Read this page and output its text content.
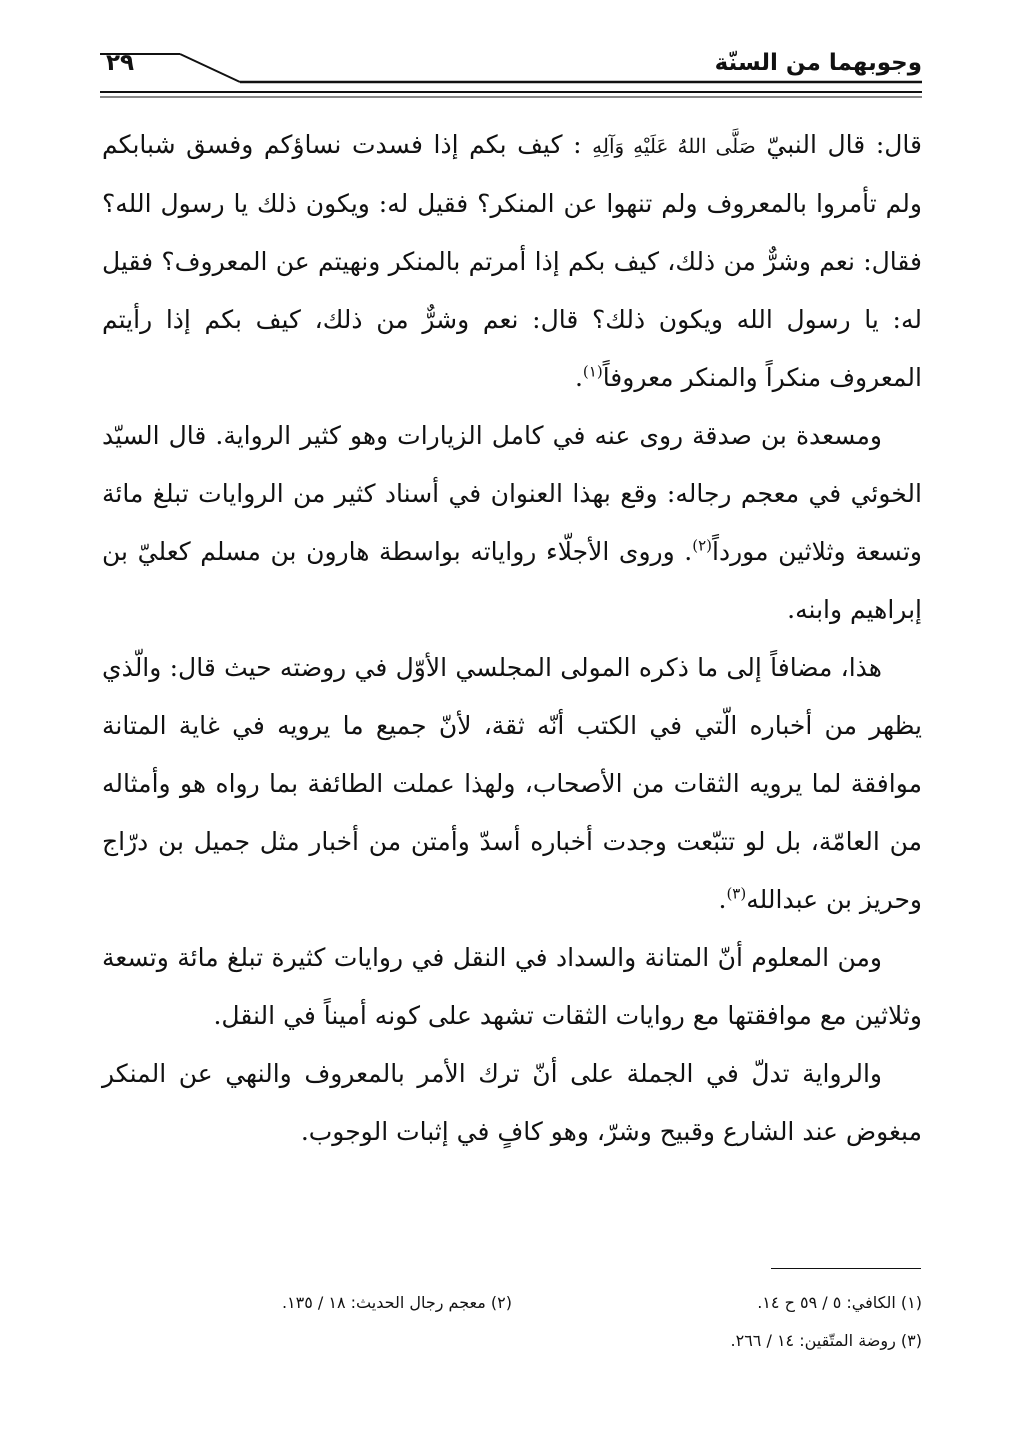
وجوبهما من السنّة
٢٩

قال: قال النبيّ صَلَّى اللهُ عَلَيْهِ وَآلِهِ : كيف بكم إذا فسدت نساؤكم وفسق شبابكم ولم تأمروا بالمعروف ولم تنهوا عن المنكر؟ فقيل له: ويكون ذلك يا رسول الله؟ فقال: نعم وشرٌّ من ذلك، كيف بكم إذا أمرتم بالمنكر ونهيتم عن المعروف؟ فقيل له: يا رسول الله ويكون ذلك؟ قال: نعم وشرٌّ من ذلك، كيف بكم إذا رأيتم المعروف منكراً والمنكر معروفاً$^{(١)}$.

ومسعدة بن صدقة روى عنه في كامل الزيارات وهو كثير الرواية. قال السيّد الخوئي في معجم رجاله: وقع بهذا العنوان في أسناد كثير من الروايات تبلغ مائة وتسعة وثلاثين مورداً$^{(٢)}$. وروى الأجلّاء رواياته بواسطة هارون بن مسلم كعليّ بن إبراهيم وابنه.

هذا، مضافاً إلى ما ذكره المولى المجلسي الأوّل في روضته حيث قال: والّذي يظهر من أخباره الّتي في الكتب أنّه ثقة، لأنّ جميع ما يرويه في غاية المتانة موافقة لما يرويه الثقات من الأصحاب، ولهذا عملت الطائفة بما رواه هو وأمثاله من العامّة، بل لو تتبّعت وجدت أخباره أسدّ وأمتن من أخبار مثل جميل بن درّاج وحريز بن عبدالله$^{(٣)}$.

ومن المعلوم أنّ المتانة والسداد في النقل في روايات كثيرة تبلغ مائة وتسعة وثلاثين مع موافقتها مع روايات الثقات تشهد على كونه أميناً في النقل.

والرواية تدلّ في الجملة على أنّ ترك الأمر بالمعروف والنهي عن المنكر مبغوض عند الشارع وقبيح وشرّ، وهو كافٍ في إثبات الوجوب.

(١) الكافي: ٥ / ٥٩ ح ١٤.
(٢) معجم رجال الحديث: ١٨ / ١٣٥.
(٣) روضة المتّقين: ١٤ / ٢٦٦.
